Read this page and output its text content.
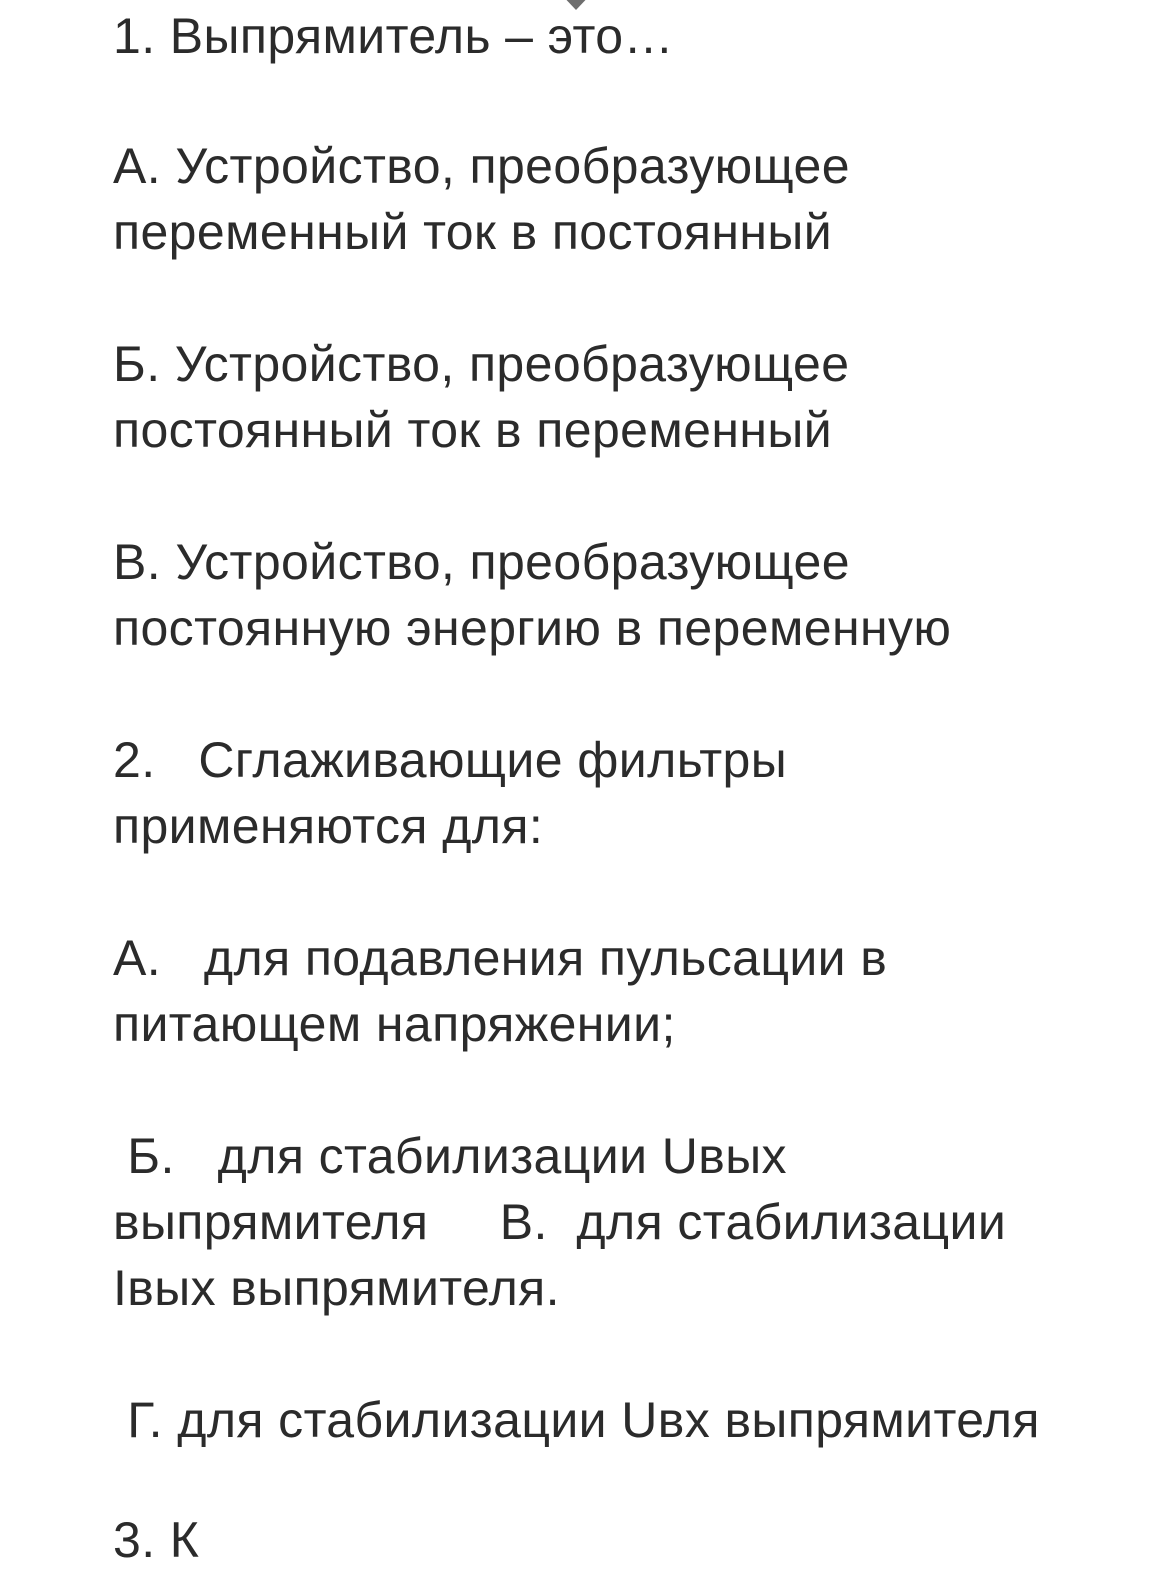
1. Выпрямитель – это…
А. Устройство, преобразующее
переменный ток в постоянный
Б. Устройство, преобразующее
постоянный ток в переменный
В. Устройство, преобразующее
постоянную энергию в переменную
2.   Сглаживающие фильтры
применяются для:
А.   для подавления пульсации в
питающем напряжении;
Б.   для стабилизации Uвых
выпрямителя     В.  для стабилизации
Iвых выпрямителя.
Г. для стабилизации Uвх выпрямителя
3. К
